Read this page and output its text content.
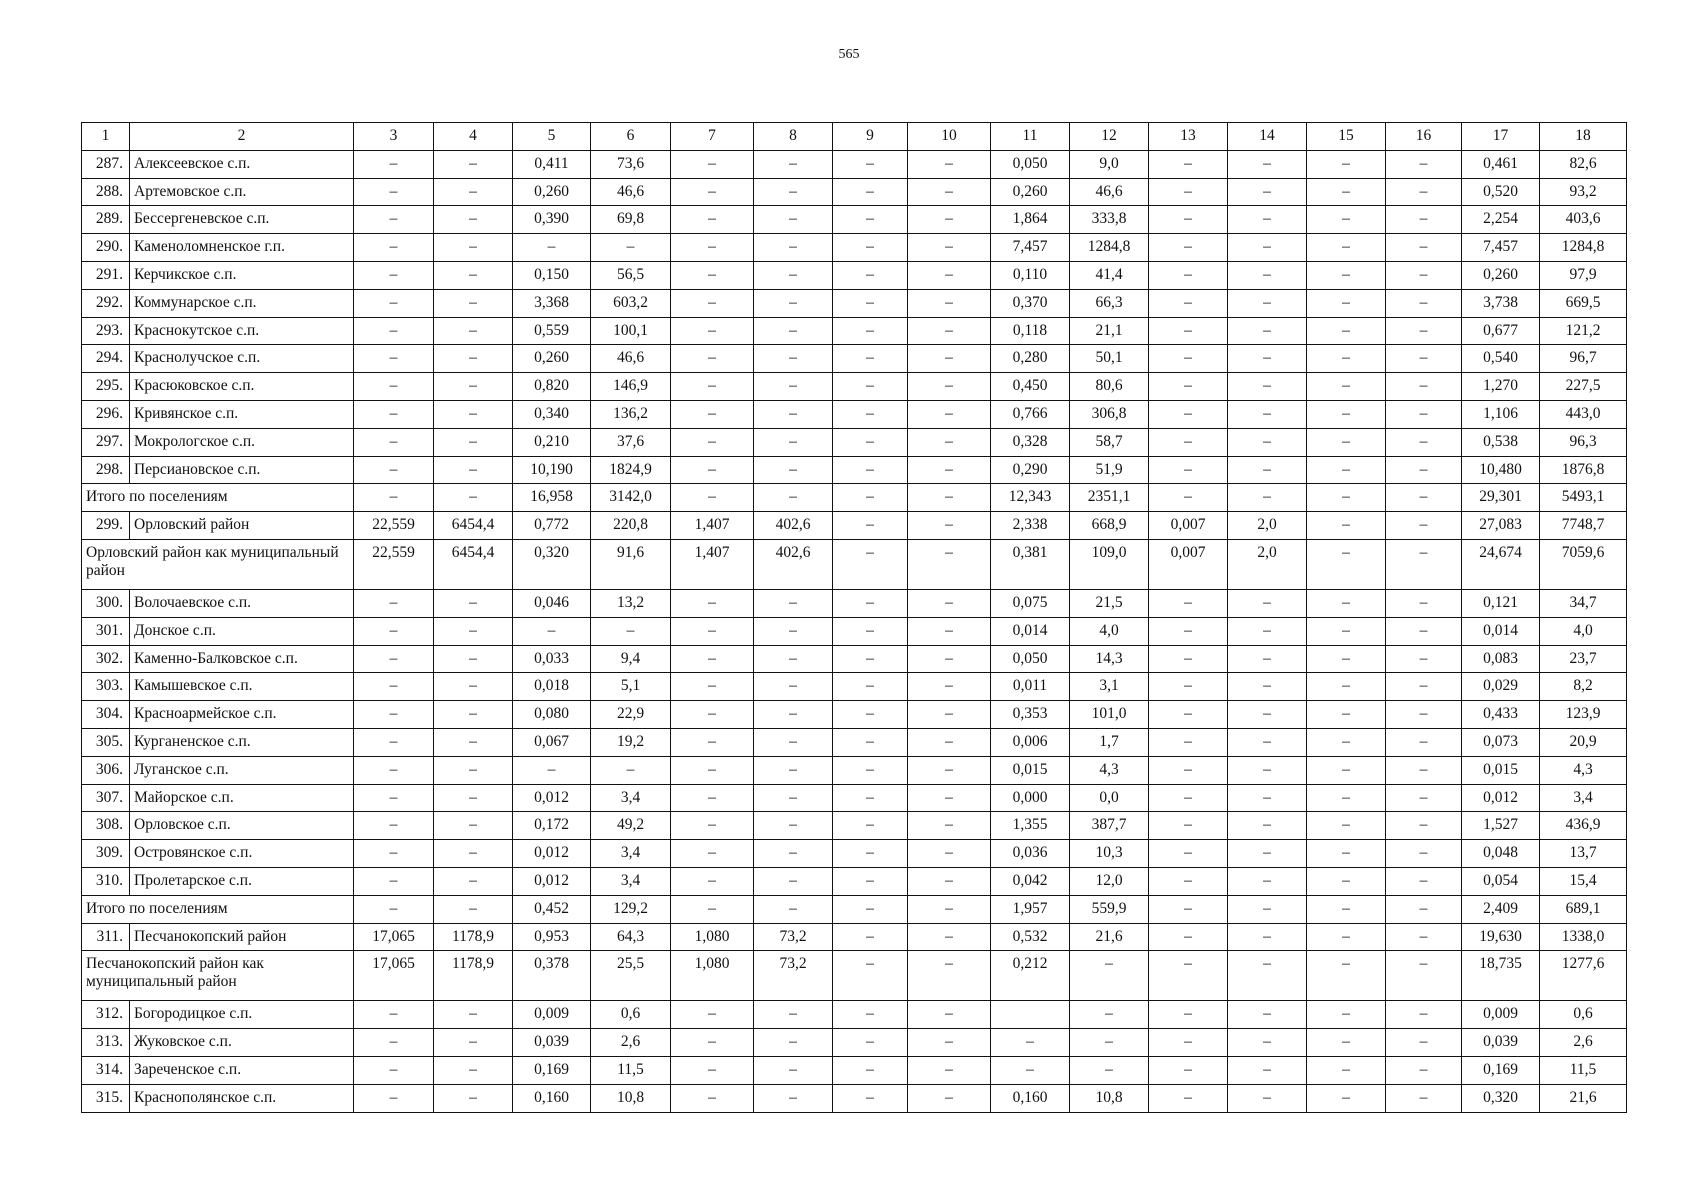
565
1	2	3	4	5	6	7	8	9	10	11	12	13	14	15	16	17	18
287.	Алексеевское с.п.	–	–	0,411	73,6	–	–	–	–	0,050	9,0	–	–	–	–	0,461	82,6
288.	Артемовское с.п.	–	–	0,260	46,6	–	–	–	–	0,260	46,6	–	–	–	–	0,520	93,2
289.	Бессергеневское с.п.	–	–	0,390	69,8	–	–	–	–	1,864	333,8	–	–	–	–	2,254	403,6
290.	Каменоломненское г.п.	–	–	–	–	–	–	–	–	7,457	1284,8	–	–	–	–	7,457	1284,8
291.	Керчикское с.п.	–	–	0,150	56,5	–	–	–	–	0,110	41,4	–	–	–	–	0,260	97,9
292.	Коммунарское с.п.	–	–	3,368	603,2	–	–	–	–	0,370	66,3	–	–	–	–	3,738	669,5
293.	Краснокутское с.п.	–	–	0,559	100,1	–	–	–	–	0,118	21,1	–	–	–	–	0,677	121,2
294.	Краснолучское с.п.	–	–	0,260	46,6	–	–	–	–	0,280	50,1	–	–	–	–	0,540	96,7
295.	Красюковское с.п.	–	–	0,820	146,9	–	–	–	–	0,450	80,6	–	–	–	–	1,270	227,5
296.	Кривянское с.п.	–	–	0,340	136,2	–	–	–	–	0,766	306,8	–	–	–	–	1,106	443,0
297.	Мокрологское с.п.	–	–	0,210	37,6	–	–	–	–	0,328	58,7	–	–	–	–	0,538	96,3
298.	Персиановское с.п.	–	–	10,190	1824,9	–	–	–	–	0,290	51,9	–	–	–	–	10,480	1876,8
Итого по поселениям		–	–	16,958	3142,0	–	–	–	–	12,343	2351,1	–	–	–	–	29,301	5493,1
299.	Орловский район	22,559	6454,4	0,772	220,8	1,407	402,6	–	–	2,338	668,9	0,007	2,0	–	–	27,083	7748,7
Орловский район как муниципальный район		22,559	6454,4	0,320	91,6	1,407	402,6	–	–	0,381	109,0	0,007	2,0	–	–	24,674	7059,6
300.	Волочаевское с.п.	–	–	0,046	13,2	–	–	–	–	0,075	21,5	–	–	–	–	0,121	34,7
301.	Донское с.п.	–	–	–	–	–	–	–	–	0,014	4,0	–	–	–	–	0,014	4,0
302.	Каменно-Балковское с.п.	–	–	0,033	9,4	–	–	–	–	0,050	14,3	–	–	–	–	0,083	23,7
303.	Камышевское с.п.	–	–	0,018	5,1	–	–	–	–	0,011	3,1	–	–	–	–	0,029	8,2
304.	Красноармейское с.п.	–	–	0,080	22,9	–	–	–	–	0,353	101,0	–	–	–	–	0,433	123,9
305.	Курганенское с.п.	–	–	0,067	19,2	–	–	–	–	0,006	1,7	–	–	–	–	0,073	20,9
306.	Луганское с.п.	–	–	–	–	–	–	–	–	0,015	4,3	–	–	–	–	0,015	4,3
307.	Майорское с.п.	–	–	0,012	3,4	–	–	–	–	0,000	0,0	–	–	–	–	0,012	3,4
308.	Орловское с.п.	–	–	0,172	49,2	–	–	–	–	1,355	387,7	–	–	–	–	1,527	436,9
309.	Островянское с.п.	–	–	0,012	3,4	–	–	–	–	0,036	10,3	–	–	–	–	0,048	13,7
310.	Пролетарское с.п.	–	–	0,012	3,4	–	–	–	–	0,042	12,0	–	–	–	–	0,054	15,4
Итого по поселениям		–	–	0,452	129,2	–	–	–	–	1,957	559,9	–	–	–	–	2,409	689,1
311.	Песчанокопский район	17,065	1178,9	0,953	64,3	1,080	73,2	–	–	0,532	21,6	–	–	–	–	19,630	1338,0
Песчанокопский район как муниципальный район		17,065	1178,9	0,378	25,5	1,080	73,2	–	–	0,212	–	–	–	–	–	18,735	1277,6
312.	Богородицкое с.п.	–	–	0,009	0,6	–	–	–	–		–	–	–	–	–	0,009	0,6
313.	Жуковское с.п.	–	–	0,039	2,6	–	–	–	–	–	–	–	–	–	–	0,039	2,6
314.	Зареченское с.п.	–	–	0,169	11,5	–	–	–	–	–	–	–	–	–	–	0,169	11,5
315.	Краснополянское с.п.	–	–	0,160	10,8	–	–	–	–	0,160	10,8	–	–	–	–	0,320	21,6
